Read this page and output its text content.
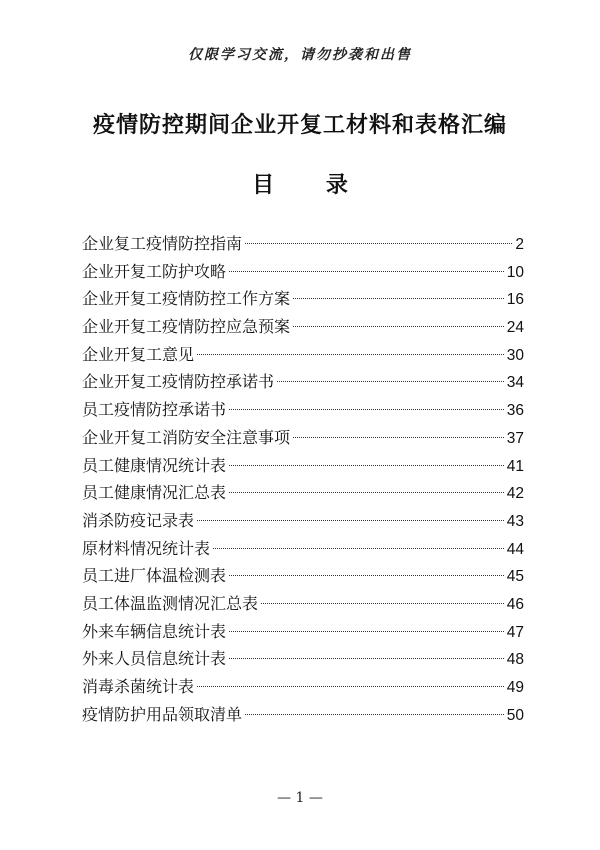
仅限学习交流，请勿抄袭和出售
疫情防控期间企业开复工材料和表格汇编
目 录
企业复工疫情防控指南	2
企业开复工防护攻略	10
企业开复工疫情防控工作方案	16
企业开复工疫情防控应急预案	24
企业开复工意见	30
企业开复工疫情防控承诺书	34
员工疫情防控承诺书	36
企业开复工消防安全注意事项	37
员工健康情况统计表	41
员工健康情况汇总表	42
消杀防疫记录表	43
原材料情况统计表	44
员工进厂体温检测表	45
员工体温监测情况汇总表	46
外来车辆信息统计表	47
外来人员信息统计表	48
消毒杀菌统计表	49
疫情防护用品领取清单	50
— 1 —
